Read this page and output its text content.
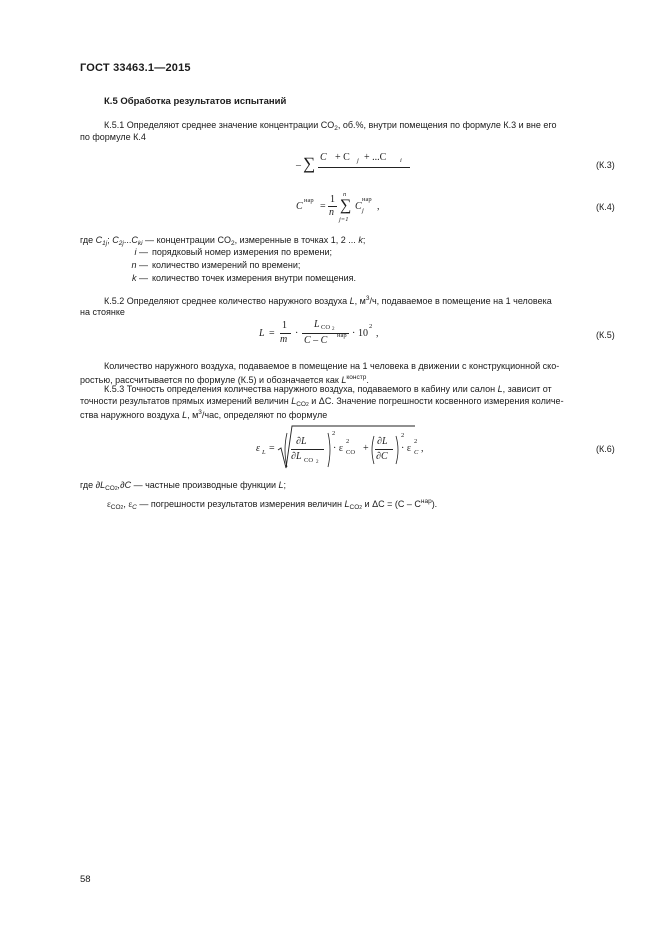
ГОСТ 33463.1—2015
К.5 Обработка результатов испытаний
К.5.1 Определяют среднее значение концентрации $CO_2$, об.%, внутри помещения по формуле К.3 и вне его
по формуле К.4
– ∑ C + C j + ...C i	(К.3)
C
нар
=
1
n
n
∑
j=1
C j
нар
,	(К.4)
где $C_{1j}$; $C_{2j}...C_{ki}$ — концентрации $CO_2$, измеренные в точках 1, 2 ... k;
i — порядковый номер измерения по времени;
n — количество измерений по времени;
k — количество точек измерения внутри помещения.
К.5.2 Определяют среднее количество наружного воздуха L, $м^3/ч$, подаваемое в помещение на 1 человека
на стоянке
L =
1
m
·
L CO 2
C – C нар · 10
2
,	(К.5)
Количество наружного воздуха, подаваемое в помещение на 1 человека в движении с конструкционной ско-
ростью, рассчитывается по формуле (К.5) и обозначается как $L^{констр}$.
К.5.3 Точность определения количества наружного воздуха, подаваемого в кабину или салон L, зависит от
точности результатов прямых измерений величин $L_{CO2}$ и ΔC. Значение погрешности косвенного измерения количе-
ства наружного воздуха L, $м^3$/час, определяют по формуле
ε L =
∂L
∂L CO 2
2
· ε
2
CO +
∂L
∂C
2
· ε
2
C ,	(К.6)
где $\partial L_{CO2},\partial C$ — частные производные функции L;
$\varepsilon_{CO2}$, $\varepsilon_C$ — погрешности результатов измерения величин $L_{CO2}$ и $\Delta C = (C - C^{нар})$.
58
